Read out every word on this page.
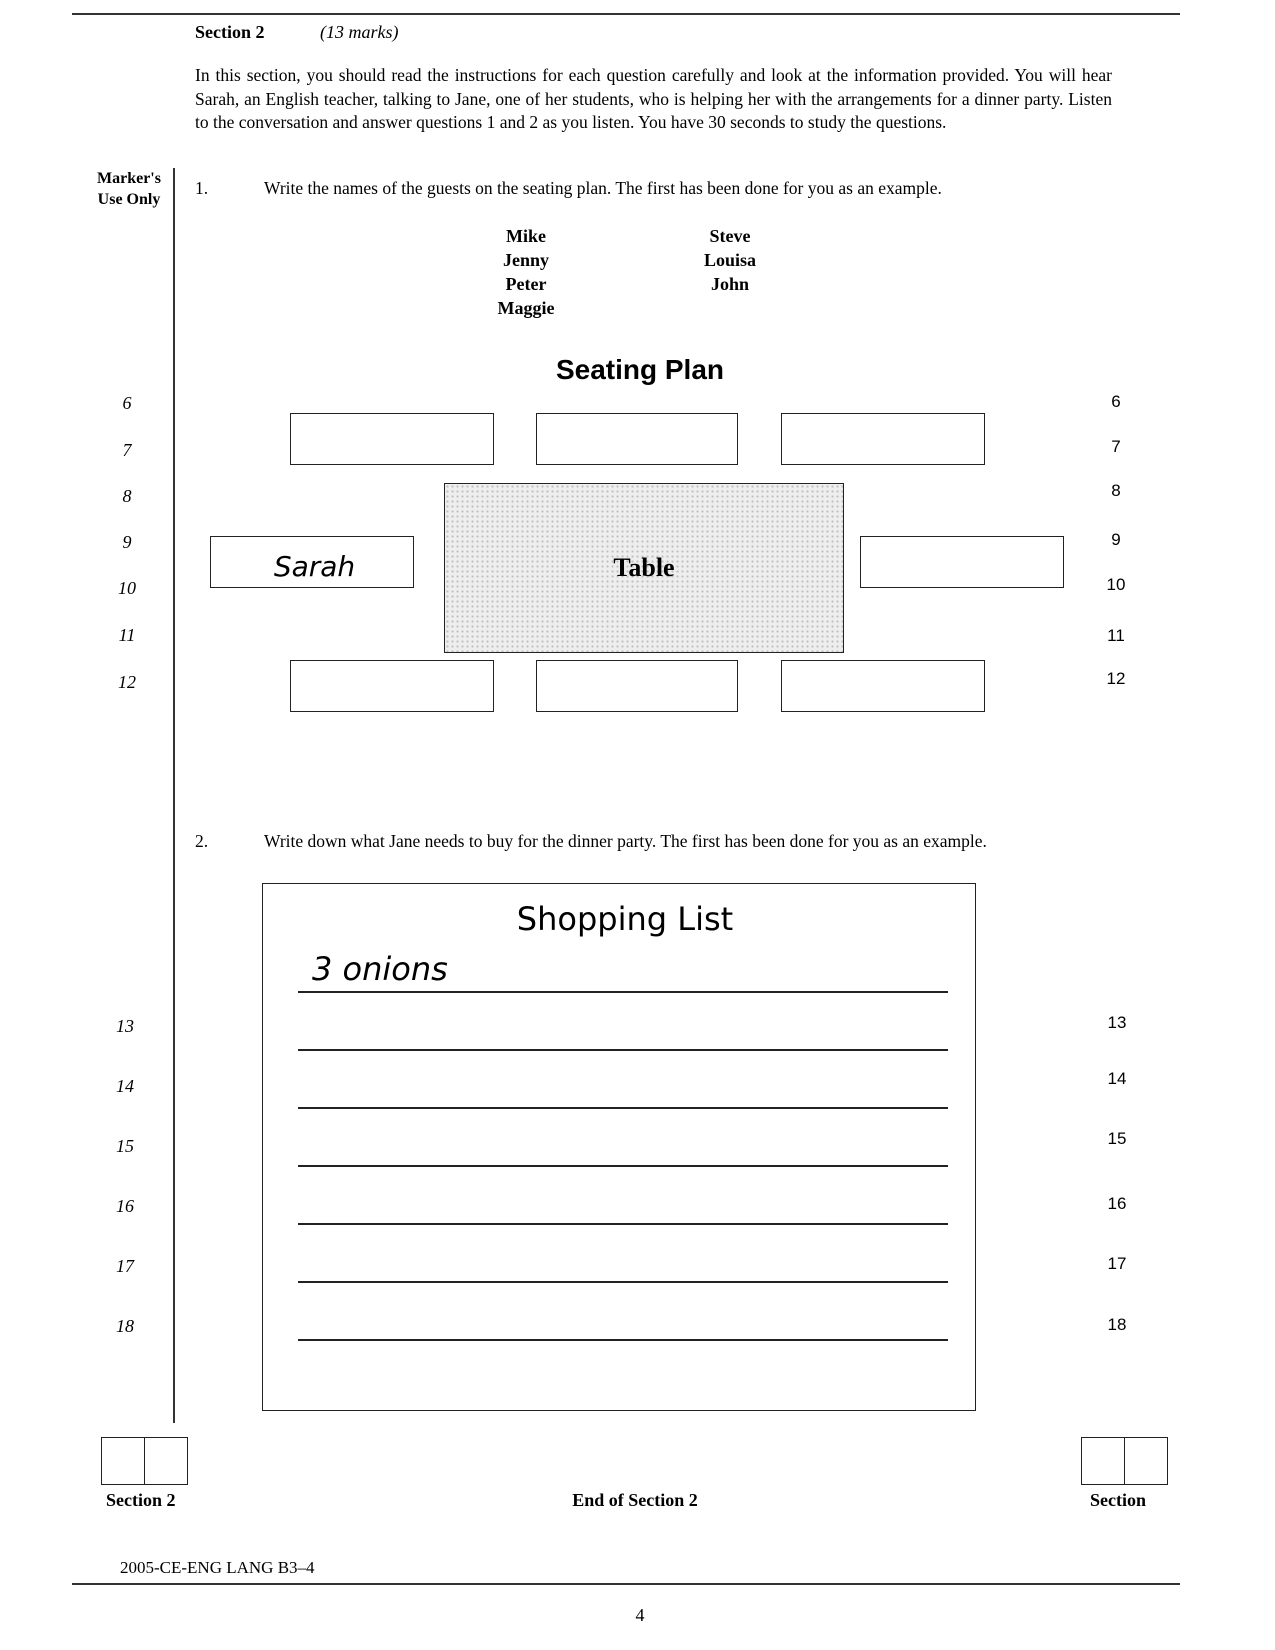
Section 2	(13 marks)
In this section, you should read the instructions for each question carefully and look at the information provided. You will hear Sarah, an English teacher, talking to Jane, one of her students, who is helping her with the arrangements for a dinner party. Listen to the conversation and answer questions 1 and 2 as you listen. You have 30 seconds to study the questions.
Marker's Use Only
1.	Write the names of the guests on the seating plan. The first has been done for you as an example.
Mike
Jenny
Peter
Maggie
Steve
Louisa
John
Seating Plan
Table
Sarah
6
7
8
9
10
11
12
6
7
8
9
10
11
12
2.	Write down what Jane needs to buy for the dinner party. The first has been done for you as an example.
Shopping List
3 onions
13
14
15
16
17
18
13
14
15
16
17
18
Section 2	End of Section 2	Section
2005-CE-ENG LANG B3–4
4
